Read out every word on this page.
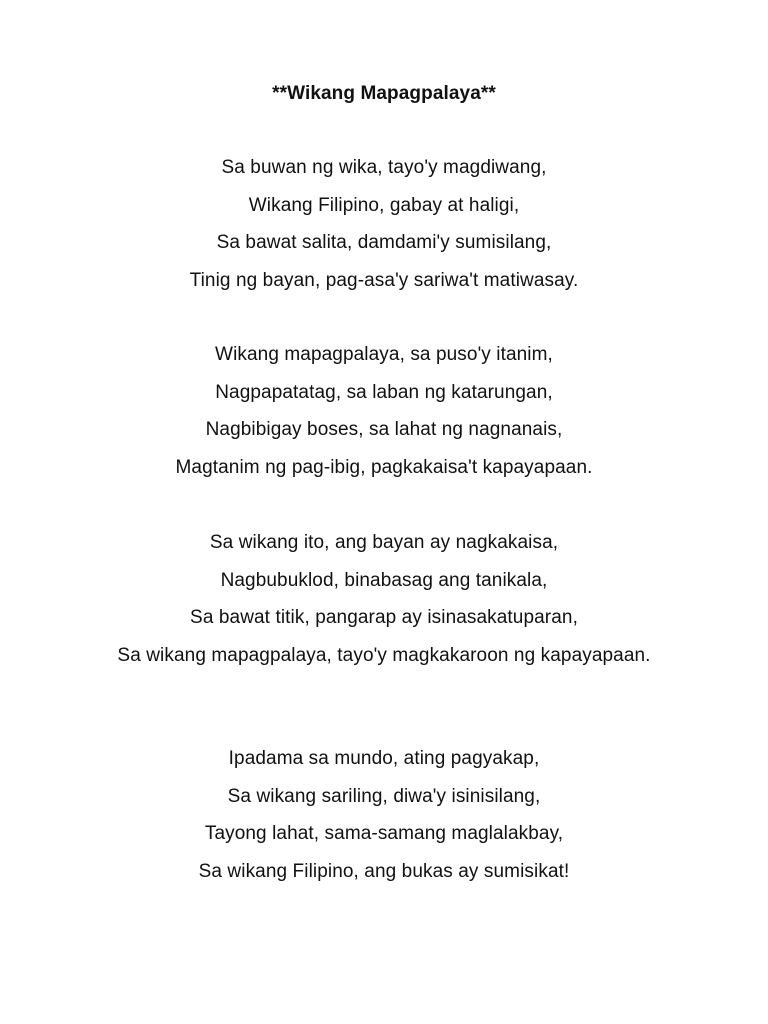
**Wikang Mapagpalaya**
Sa buwan ng wika, tayo'y magdiwang,
Wikang Filipino, gabay at haligi,
Sa bawat salita, damdami'y sumisilang,
Tinig ng bayan, pag-asa'y sariwa't matiwasay.
Wikang mapagpalaya, sa puso'y itanim,
Nagpapatatag, sa laban ng katarungan,
Nagbibigay boses, sa lahat ng nagnanais,
Magtanim ng pag-ibig, pagkakaisa't kapayapaan.
Sa wikang ito, ang bayan ay nagkakaisa,
Nagbubuklod, binabasag ang tanikala,
Sa bawat titik, pangarap ay isinasakatuparan,
Sa wikang mapagpalaya, tayo'y magkakaroon ng kapayapaan.
Ipadama sa mundo, ating pagyakap,
Sa wikang sariling, diwa'y isinisilang,
Tayong lahat, sama-samang maglalakbay,
Sa wikang Filipino, ang bukas ay sumisikat!
